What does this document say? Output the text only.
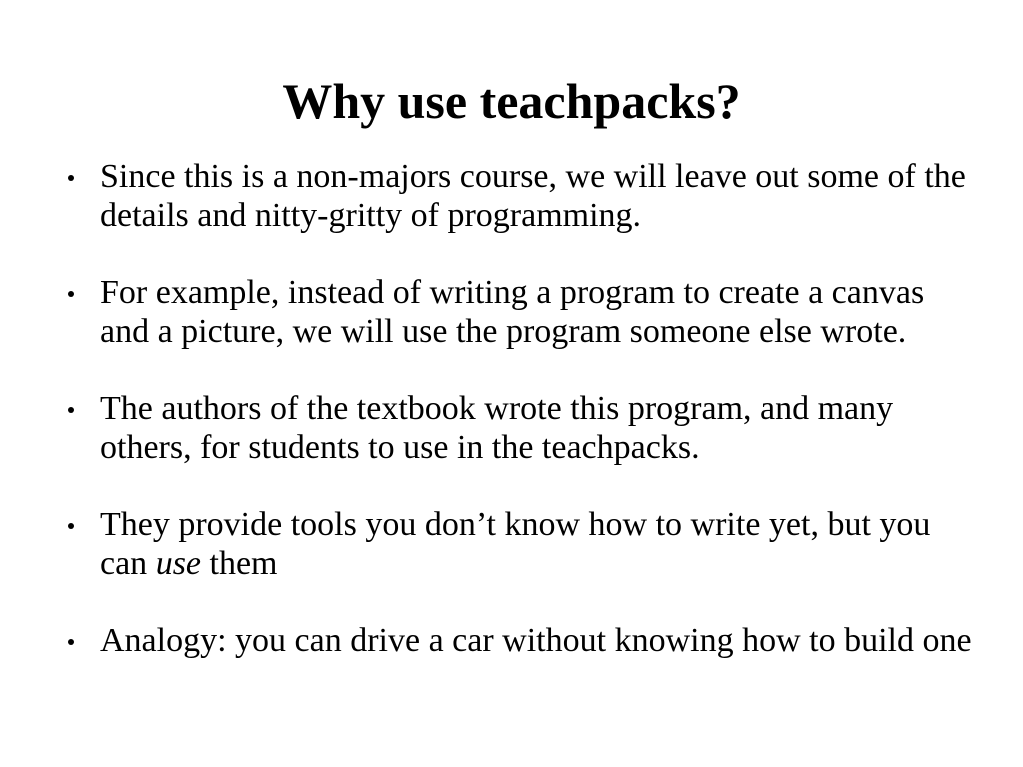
Why use teachpacks?
Since this is a non-majors course, we will leave out some of the details and nitty-gritty of programming.
For example, instead of writing a program to create a canvas and a picture, we will use the program someone else wrote.
The authors of the textbook wrote this program, and many others, for students to use in the teachpacks.
They provide tools you don’t know how to write yet, but you can use them
Analogy: you can drive a car without knowing how to build one
